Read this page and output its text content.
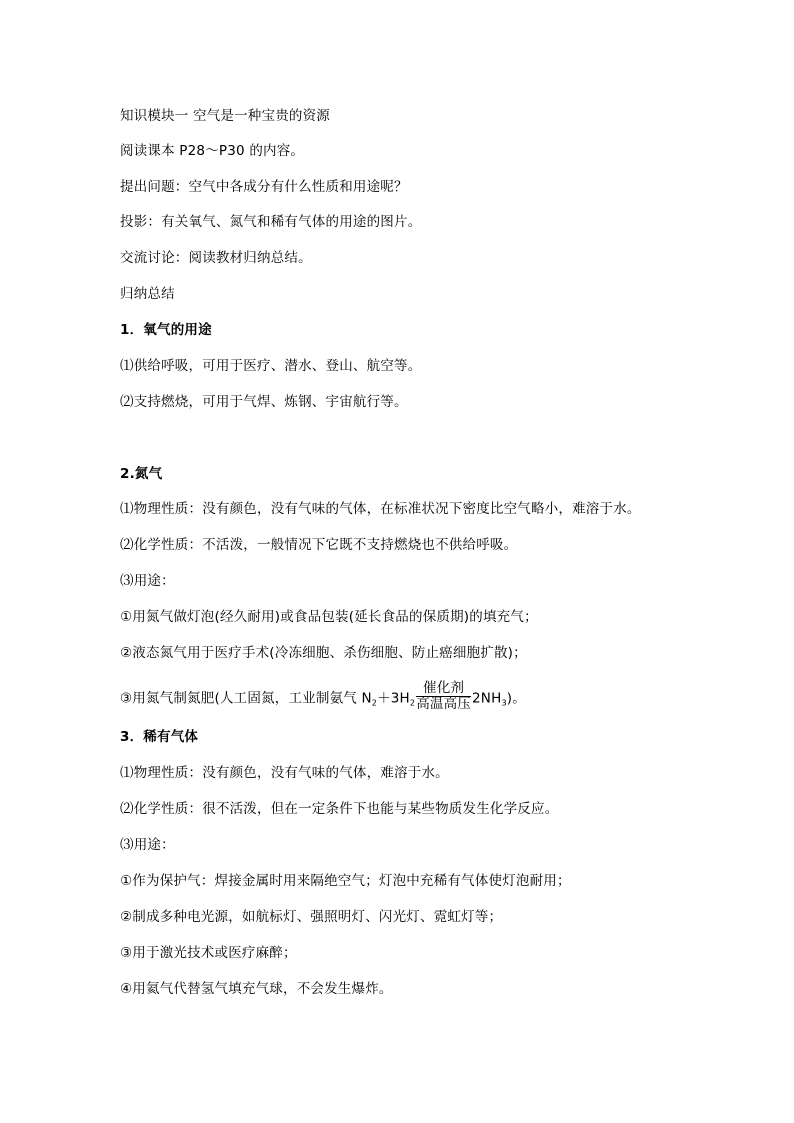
知识模块一 空气是一种宝贵的资源
阅读课本 P28～P30 的内容。
提出问题：空气中各成分有什么性质和用途呢？
投影：有关氧气、氮气和稀有气体的用途的图片。
交流讨论：阅读教材归纳总结。
归纳总结
1．氧气的用途
⑴供给呼吸，可用于医疗、潜水、登山、航空等。
⑵支持燃烧，可用于气焊、炼钢、宇宙航行等。
2.氮气
⑴物理性质：没有颜色，没有气味的气体，在标准状况下密度比空气略小，难溶于水。
⑵化学性质：不活泼，一般情况下它既不支持燃烧也不供给呼吸。
⑶用途：
①用氮气做灯泡(经久耐用)或食品包装(延长食品的保质期)的填充气；
②液态氮气用于医疗手术(冷冻细胞、杀伤细胞、防止癌细胞扩散)；
③用氮气制氮肥(人工固氮，工业制氨气 $N_2+3H_2$
催化剂
高温高压 $2NH_3$)。
3．稀有气体
⑴物理性质：没有颜色，没有气味的气体，难溶于水。
⑵化学性质：很不活泼，但在一定条件下也能与某些物质发生化学反应。
⑶用途：
①作为保护气：焊接金属时用来隔绝空气；灯泡中充稀有气体使灯泡耐用；
②制成多种电光源，如航标灯、强照明灯、闪光灯、霓虹灯等；
③用于激光技术或医疗麻醉；
④用氦气代替氢气填充气球，不会发生爆炸。
